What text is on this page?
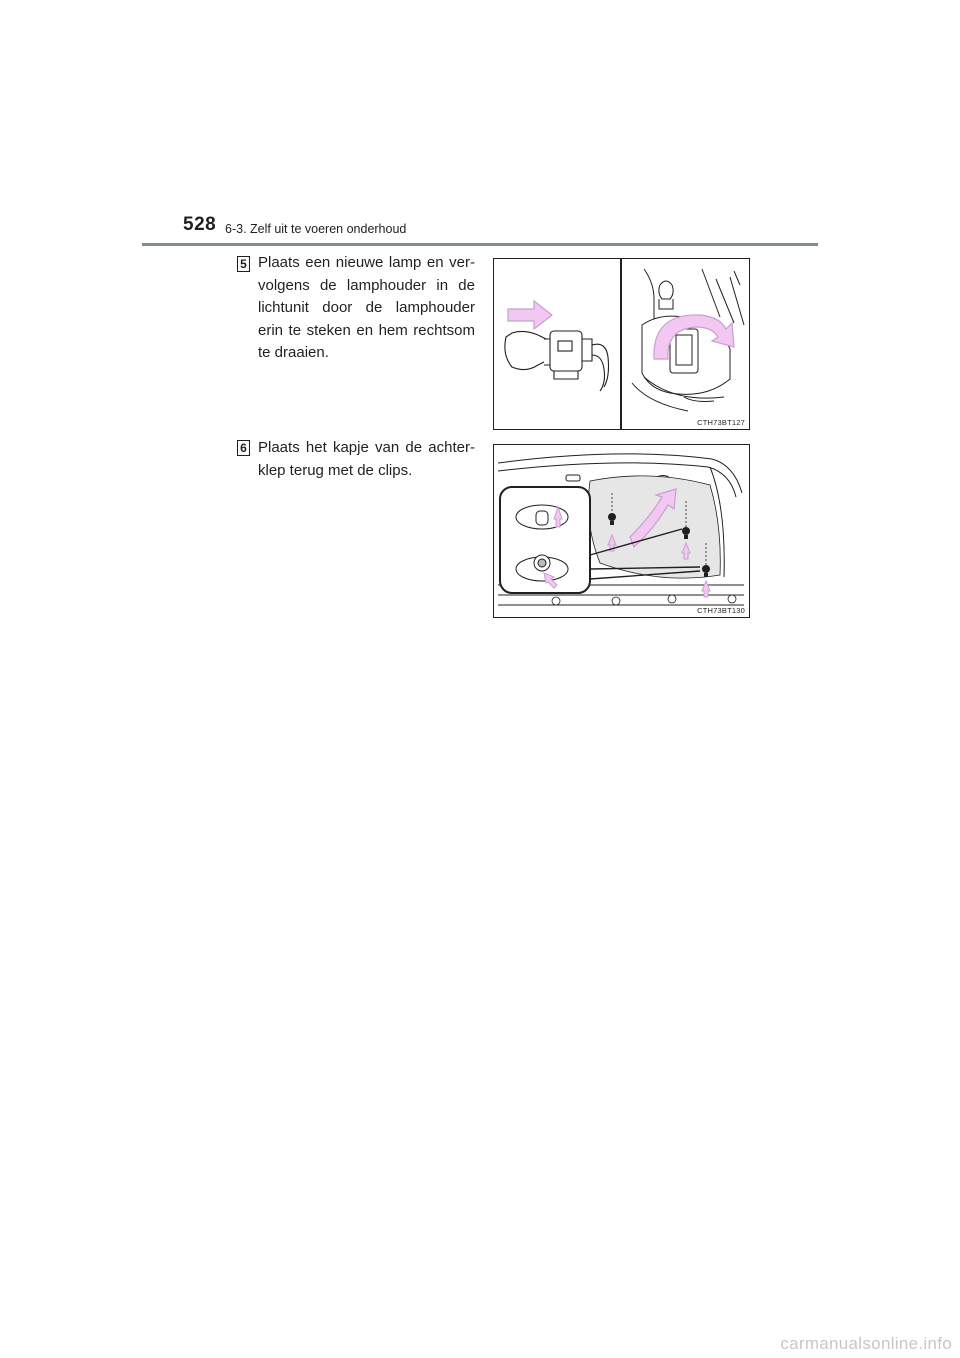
528 6-3. Zelf uit te voeren onderhoud
5 Plaats een nieuwe lamp en ver-volgens de lamphouder in de lichtunit door de lamphouder erin te steken en hem rechtsom te draaien.
CTH73BT127
6 Plaats het kapje van de achter-klep terug met de clips.
CTH73BT130
carmanualsonline.info
